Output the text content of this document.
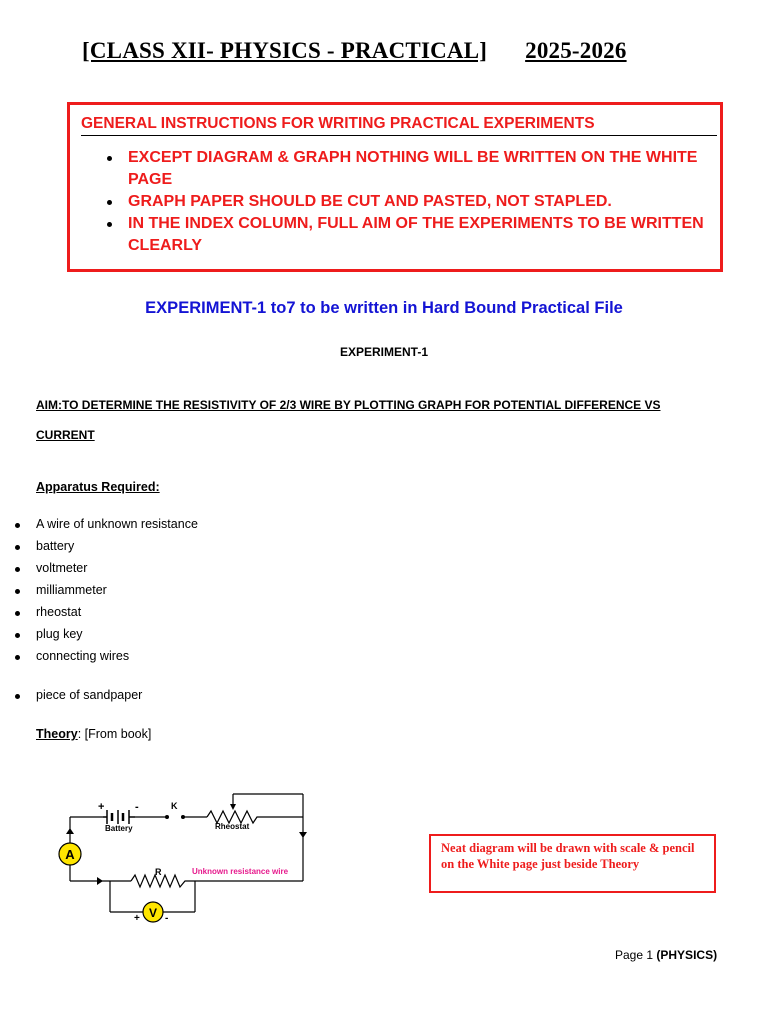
[CLASS XII- PHYSICS - PRACTICAL] 2025-2026
GENERAL INSTRUCTIONS FOR WRITING PRACTICAL EXPERIMENTS
EXCEPT DIAGRAM & GRAPH NOTHING WILL BE WRITTEN ON THE WHITE PAGE
GRAPH PAPER SHOULD BE CUT AND PASTED, NOT STAPLED.
IN THE INDEX COLUMN, FULL AIM OF THE EXPERIMENTS TO BE WRITTEN CLEARLY
EXPERIMENT-1 to7 to be written in Hard Bound Practical File
EXPERIMENT-1
AIM:TO DETERMINE THE RESISTIVITY OF 2/3 WIRE BY PLOTTING GRAPH FOR POTENTIAL DIFFERENCE VS CURRENT
Apparatus Required:
A wire of unknown resistance
battery
voltmeter
milliammeter
rheostat
plug key
connecting wires
piece of sandpaper
Theory: [From book]
A
V
+	-
Battery
K
Rheostat
R	Unknown resistance wire
+	-
Neat diagram will be drawn with scale & pencil on the White page just beside Theory
Page 1 (PHYSICS)
